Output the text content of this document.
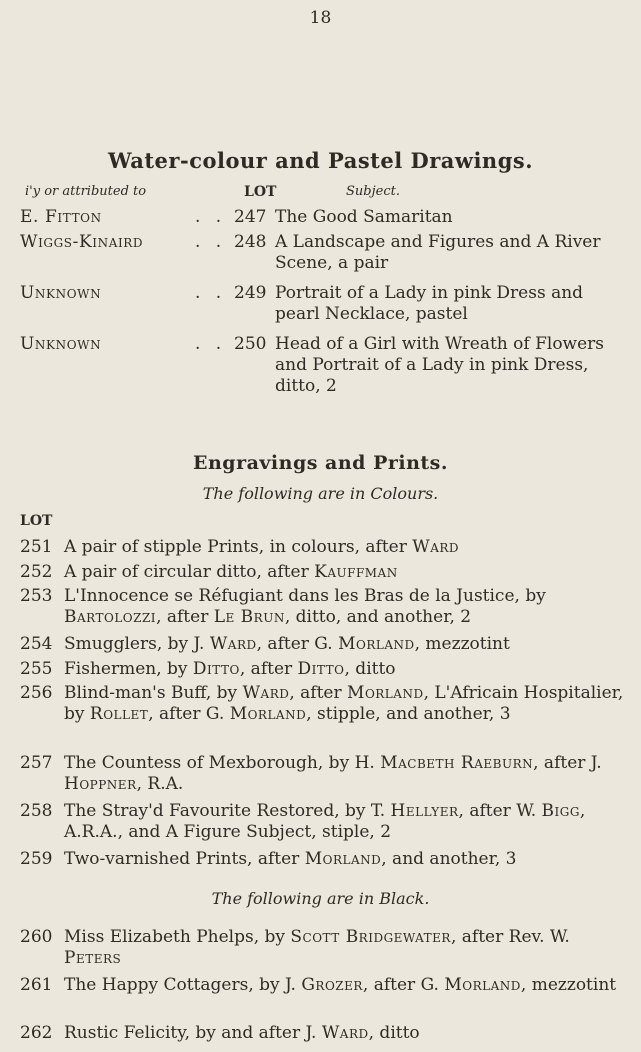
18
Water-colour and Pastel Drawings.
i'y or attributed to	LOT	Subject.
E. Fitton	. . 247 The Good Samaritan
Wiggs-Kinaird	. . 248 A Landscape and Figures and A River Scene, a pair
Unknown	. . 249 Portrait of a Lady in pink Dress and pearl Necklace, pastel
Unknown	. . 250 Head of a Girl with Wreath of Flowers and Portrait of a Lady in pink Dress, ditto, 2
Engravings and Prints.
The following are in Colours.
LOT
251 A pair of stipple Prints, in colours, after Ward
252 A pair of circular ditto, after Kauffman
253 L'Innocence se Réfugiant dans les Bras de la Justice, by Bartolozzi, after Le Brun, ditto, and another, 2
254 Smugglers, by J. Ward, after G. Morland, mezzotint
255 Fishermen, by Ditto, after Ditto, ditto
256 Blind-man's Buff, by Ward, after Morland, L'Africain Hospitalier, by Rollet, after G. Morland, stipple, and another, 3
257 The Countess of Mexborough, by H. Macbeth Raeburn, after J. Hoppner, R.A.
258 The Stray'd Favourite Restored, by T. Hellyer, after W. Bigg, A.R.A., and A Figure Subject, stiple, 2
259 Two-varnished Prints, after Morland, and another, 3
The following are in Black.
260 Miss Elizabeth Phelps, by Scott Bridgewater, after Rev. W. Peters
261 The Happy Cottagers, by J. Grozer, after G. Morland, mezzotint
262 Rustic Felicity, by and after J. Ward, ditto
